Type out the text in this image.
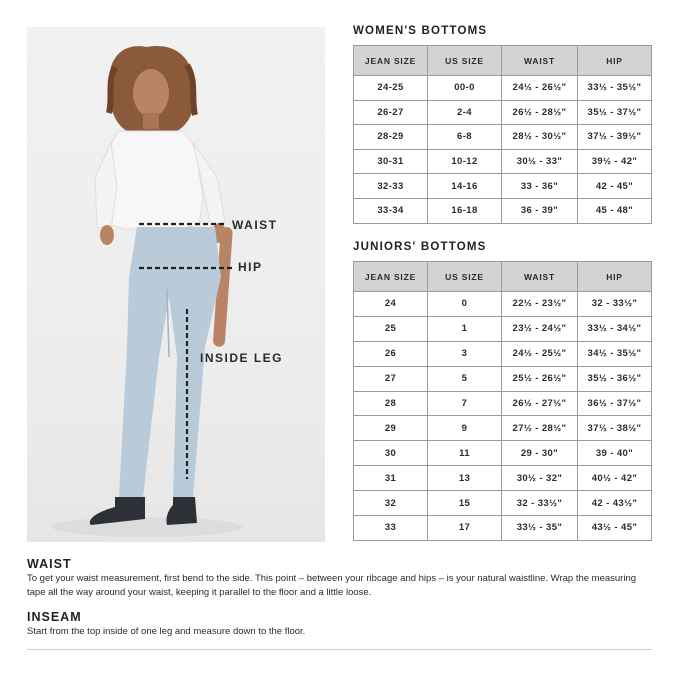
WAIST
HIP
INSIDE LEG
WOMEN'S BOTTOMS
JEAN SIZE	US SIZE	WAIST	HIP
24-25	00-0	24½ - 26½"	33½ - 35½"
26-27	2-4	26½ - 28½"	35½ - 37½"
28-29	6-8	28½ - 30½"	37½ - 39½"
30-31	10-12	30½ - 33"	39½ - 42"
32-33	14-16	33 - 36"	42 - 45"
33-34	16-18	36 - 39"	45 - 48"
JUNIORS' BOTTOMS
JEAN SIZE	US SIZE	WAIST	HIP
24	0	22½ - 23½"	32 - 33½"
25	1	23½ - 24½"	33½ - 34½"
26	3	24½ - 25½"	34½ - 35½"
27	5	25½ - 26½"	35½ - 36½"
28	7	26½ - 27½"	36½ - 37½"
29	9	27½ - 28½"	37½ - 38½"
30	11	29 - 30"	39 - 40"
31	13	30½ - 32"	40½ - 42"
32	15	32 - 33½"	42 - 43½"
33	17	33½ - 35"	43½ - 45"
WAIST
To get your waist measurement, first bend to the side. This point – between your ribcage and hips – is your natural waistline. Wrap the measuring tape all the way around your waist, keeping it parallel to the floor and a little loose.
INSEAM
Start from the top inside of one leg and measure down to the floor.
